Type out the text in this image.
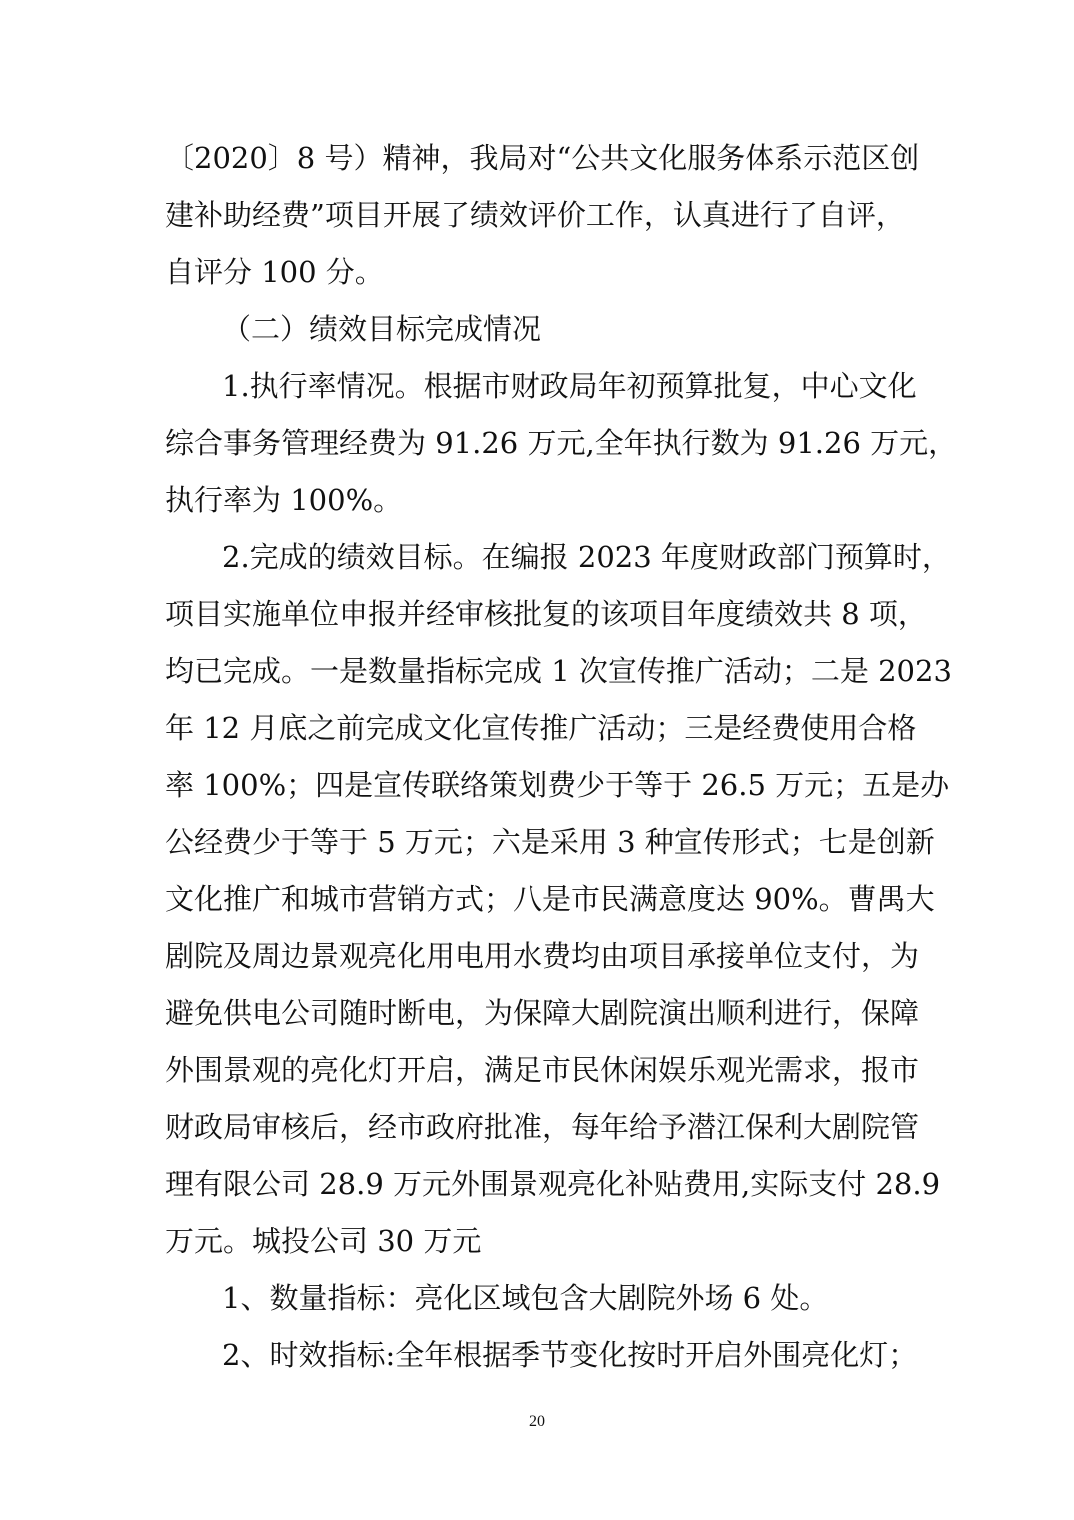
〔2020〕8 号）精神，我局对“公共文化服务体系示范区创
建补助经费”项目开展了绩效评价工作，认真进行了自评，
自评分 100 分。
（二）绩效目标完成情况
1.执行率情况。根据市财政局年初预算批复，中心文化
综合事务管理经费为 91.26 万元,全年执行数为 91.26 万元，
执行率为 100%。
2.完成的绩效目标。在编报 2023 年度财政部门预算时，
项目实施单位申报并经审核批复的该项目年度绩效共 8 项，
均已完成。一是数量指标完成 1 次宣传推广活动；二是 2023
年 12 月底之前完成文化宣传推广活动；三是经费使用合格
率 100%；四是宣传联络策划费少于等于 26.5 万元；五是办
公经费少于等于 5 万元；六是采用 3 种宣传形式；七是创新
文化推广和城市营销方式；八是市民满意度达 90%。曹禺大
剧院及周边景观亮化用电用水费均由项目承接单位支付，为
避免供电公司随时断电，为保障大剧院演出顺利进行，保障
外围景观的亮化灯开启，满足市民休闲娱乐观光需求，报市
财政局审核后，经市政府批准，每年给予潜江保利大剧院管
理有限公司 28.9 万元外围景观亮化补贴费用,实际支付 28.9
万元。城投公司 30 万元
1、数量指标：亮化区域包含大剧院外场 6 处。
2、时效指标:全年根据季节变化按时开启外围亮化灯；
20
